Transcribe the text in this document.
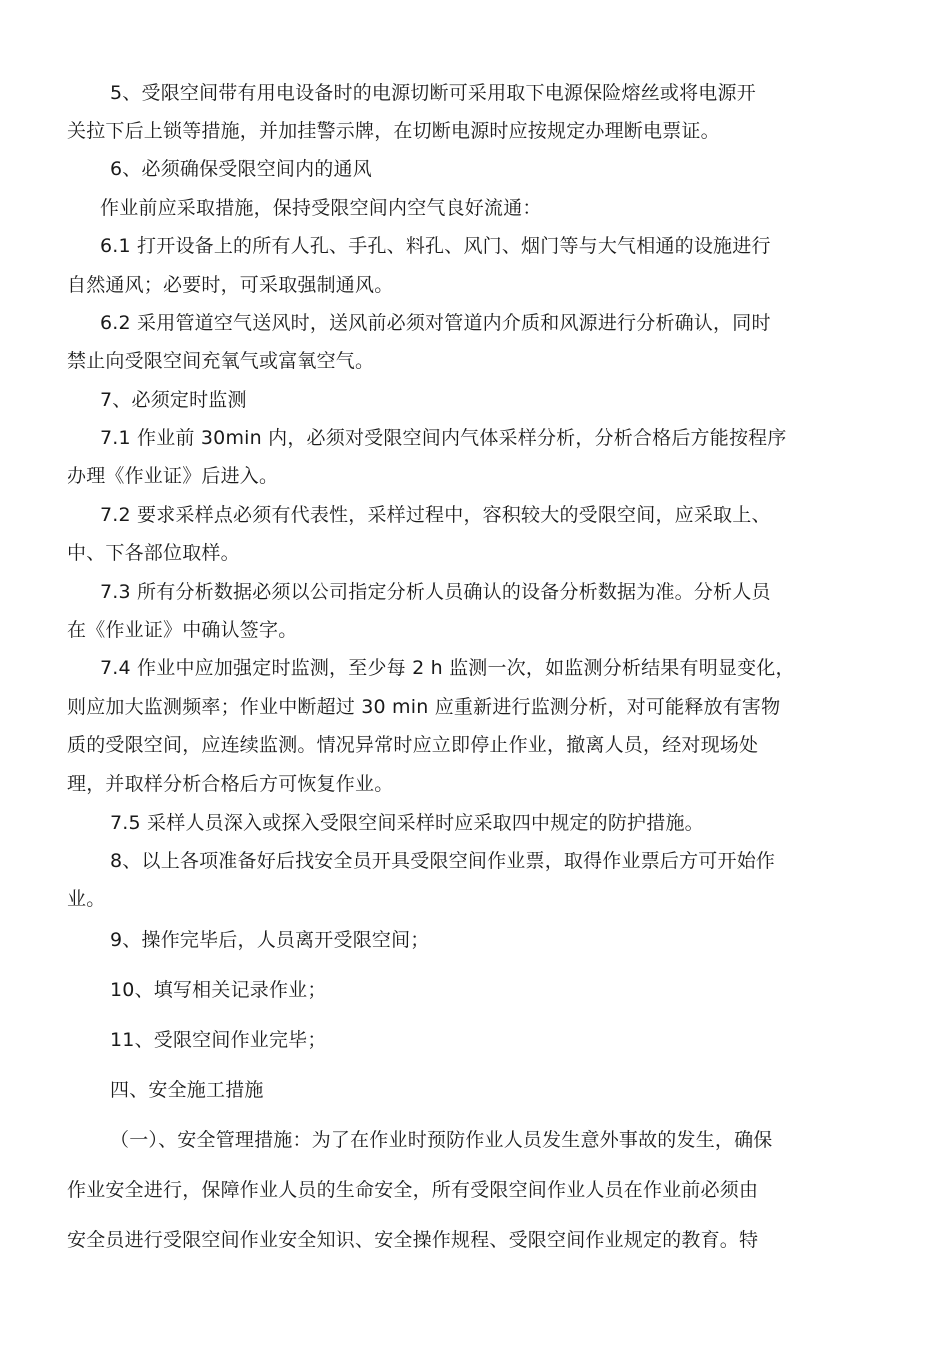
5、受限空间带有用电设备时的电源切断可采用取下电源保险熔丝或将电源开
关拉下后上锁等措施，并加挂警示牌，在切断电源时应按规定办理断电票证。
6、必须确保受限空间内的通风
作业前应采取措施，保持受限空间内空气良好流通：
6.1 打开设备上的所有人孔、手孔、料孔、风门、烟门等与大气相通的设施进行
自然通风；必要时，可采取强制通风。
6.2 采用管道空气送风时，送风前必须对管道内介质和风源进行分析确认，同时
禁止向受限空间充氧气或富氧空气。
7、必须定时监测
7.1 作业前 30min 内，必须对受限空间内气体采样分析，分析合格后方能按程序
办理《作业证》后进入。
7.2 要求采样点必须有代表性，采样过程中，容积较大的受限空间，应采取上、
中、下各部位取样。
7.3 所有分析数据必须以公司指定分析人员确认的设备分析数据为准。分析人员
在《作业证》中确认签字。
7.4 作业中应加强定时监测，至少每 2 h 监测一次，如监测分析结果有明显变化，
则应加大监测频率；作业中断超过 30 min 应重新进行监测分析，对可能释放有害物
质的受限空间，应连续监测。情况异常时应立即停止作业，撤离人员，经对现场处
理，并取样分析合格后方可恢复作业。
7.5 采样人员深入或探入受限空间采样时应采取四中规定的防护措施。
8、以上各项准备好后找安全员开具受限空间作业票，取得作业票后方可开始作
业。
9、操作完毕后，人员离开受限空间；
10、填写相关记录作业；
11、受限空间作业完毕；
四、安全施工措施
（一）、安全管理措施：为了在作业时预防作业人员发生意外事故的发生，确保
作业安全进行，保障作业人员的生命安全，所有受限空间作业人员在作业前必须由
安全员进行受限空间作业安全知识、安全操作规程、受限空间作业规定的教育。特
